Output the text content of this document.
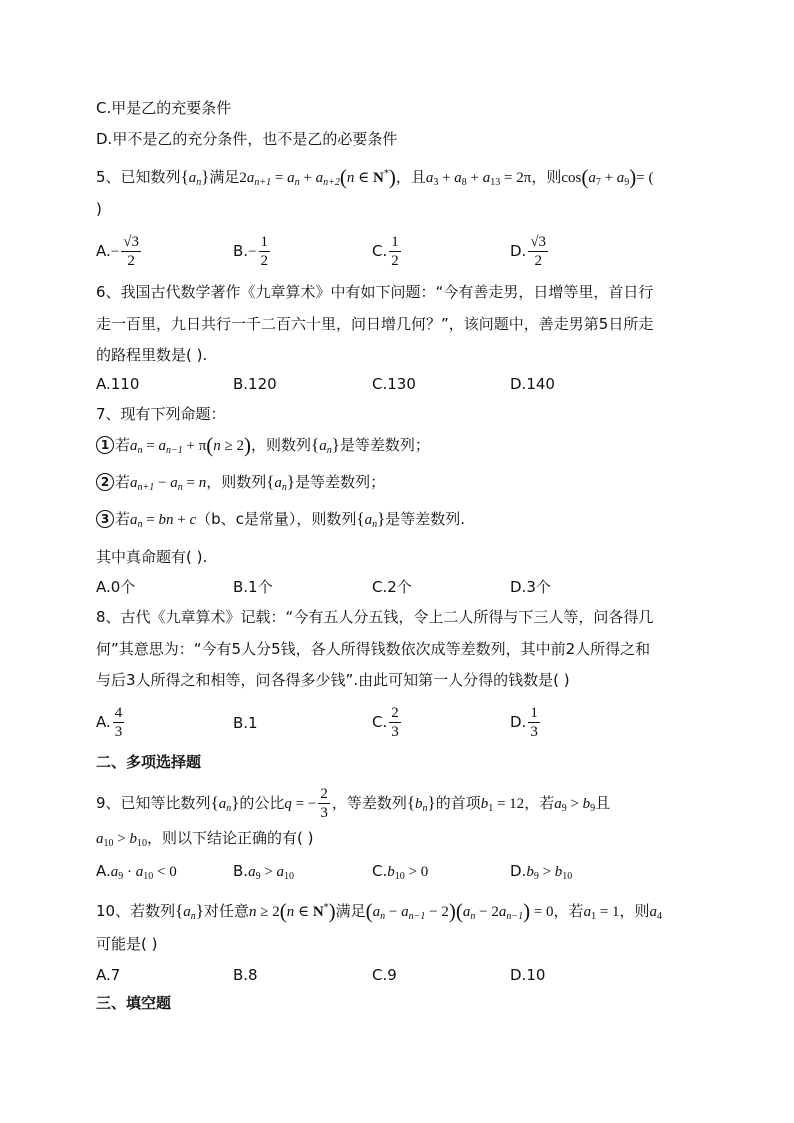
C.甲是乙的充要条件
D.甲不是乙的充分条件，也不是乙的必要条件
5、已知数列$\{a_n\}$满足$2a_{n+1} = a_n + a_{n+2}(n$ ∈ N*)，且$a_3 + a_8 + a_{13} = 2\pi$，则$\cos(a_7 + a_9)=$ (
)
$A.- \frac{√3}{2}$	$B.- \frac{1}{2}$	C. $\frac{1}{2}$	D. $\frac{√3}{2}$
6、我国古代数学著作《九章算术》中有如下问题：“今有善走男，日增等里，首日行
走一百里，九日共行一千二百六十里，问日增几何？”，该问题中，善走男第5日所走
的路程里数是( ).
A.110	B.120	C.130	D.140
7、现有下列命题：
1 若$a_n = a_{n-1} + \pi(n \ge 2)$，则数列$\{a_n\}$是等差数列；
2 若$a_{n+1} - a_n = n$，则数列$\{a_n\}$是等差数列；
3 若$a_n$ = bn + c（b、c是常量），则数列$\{a_n\}$是等差数列.
其中真命题有( ).
A.0个	B.1个	C.2个	D.3个
8、古代《九章算术》记载：“今有五人分五钱，令上二人所得与下三人等，问各得几
何”其意思为：“今有5人分5钱，各人所得钱数依次成等差数列，其中前2人所得之和
与后3人所得之和相等，问各得多少钱”.由此可知第一人分得的钱数是( )
A. $\frac{4}{3}$	B.1	C. $\frac{2}{3}$	D. $\frac{1}{3}$
二、多项选择题
9、已知等比数列$\{a_n\}$的公比q = − $\frac{2}{3}$ ，等差数列$\{b_n\}$的首项$b_1 = 12$，若$a_9 > b_9$且
$a_{10} > b_{10}$，则以下结论正确的有( )
$A.a_9 \cdot a_{10} < 0$	$B.a_9 > a_{10}$	$C.b_{10} > 0$	$D.b_9 > b_{10}$
10、若数列$\{a_n\}$对任意n ≥ 2(n ∈ N*)满足$(a_n - a_{n-1} - 2)(a_n - 2a_{n-1}) = 0$，若$a_1 = 1$，则$a_4$
可能是( )
A.7	B.8	C.9	D.10
三、填空题
